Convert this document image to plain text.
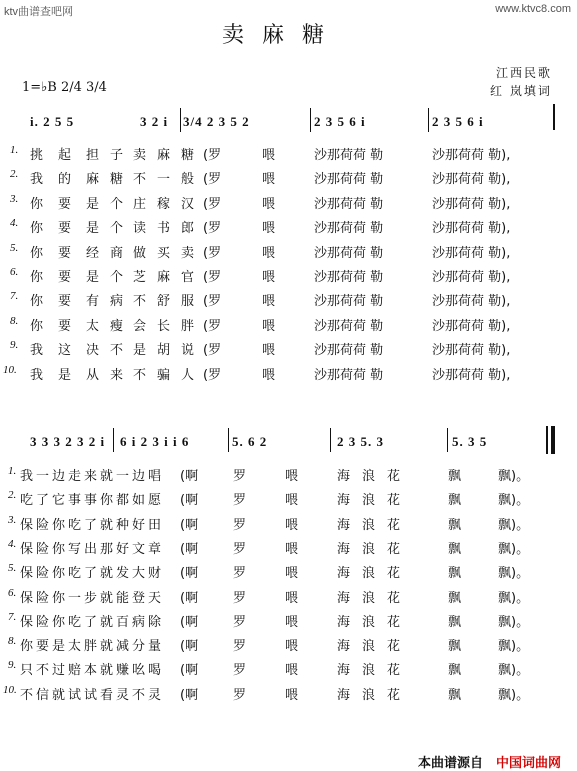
ktv曲谱查吧网	www.ktvc8.com
卖麻糖
江西民歌
红 岚填词
1=♭B 2/4 3/4
i. 2 5 5	3 2 i 3/4 2 3 5 2	2 3 5 6 i	2 3 5 6 i
1. 挑 起 担 子 卖 麻 糖 (罗	喂	沙那荷荷 勒	沙那荷荷 勒),
2. 我 的 麻 糖 不 一 般 (罗	喂	沙那荷荷 勒	沙那荷荷 勒),
3. 你 要 是 个 庄 稼 汉 (罗	喂	沙那荷荷 勒	沙那荷荷 勒),
4. 你 要 是 个 读 书 郎 (罗	喂	沙那荷荷 勒	沙那荷荷 勒),
5. 你 要 经 商 做 买 卖 (罗	喂	沙那荷荷 勒	沙那荷荷 勒),
6. 你 要 是 个 芝 麻 官 (罗	喂	沙那荷荷 勒	沙那荷荷 勒),
7. 你 要 有 病 不 舒 服 (罗	喂	沙那荷荷 勒	沙那荷荷 勒),
8. 你 要 太 瘦 会 长 胖 (罗	喂	沙那荷荷 勒	沙那荷荷 勒),
9. 我 这 决 不 是 胡 说 (罗	喂	沙那荷荷 勒	沙那荷荷 勒),
10. 我 是 从 来 不 骗 人 (罗	喂	沙那荷荷 勒	沙那荷荷 勒),
3 3 3 2 3 2 i 6 i 2 3 i i 6	5. 6 2	2 3 5. 3	5. 3 5
1. 我一边走来就一边唱 (啊	罗	喂	海浪花	飘	飘)。
2. 吃了它事事你都如愿 (啊	罗	喂	海浪花	飘	飘)。
3. 保险你吃了就种好田 (啊	罗	喂	海浪花	飘	飘)。
4. 保险你写出那好文章 (啊	罗	喂	海浪花	飘	飘)。
5. 保险你吃了就发大财 (啊	罗	喂	海浪花	飘	飘)。
6. 保险你一步就能登天 (啊	罗	喂	海浪花	飘	飘)。
7. 保险你吃了就百病除 (啊	罗	喂	海浪花	飘	飘)。
8. 你要是太胖就减分量 (啊	罗	喂	海浪花	飘	飘)。
9. 只不过赔本就赚吆喝 (啊	罗	喂	海浪花	飘	飘)。
10. 不信就试试看灵不灵 (啊	罗	喂	海浪花	飘	飘)。
本曲谱源自 中国词曲网
